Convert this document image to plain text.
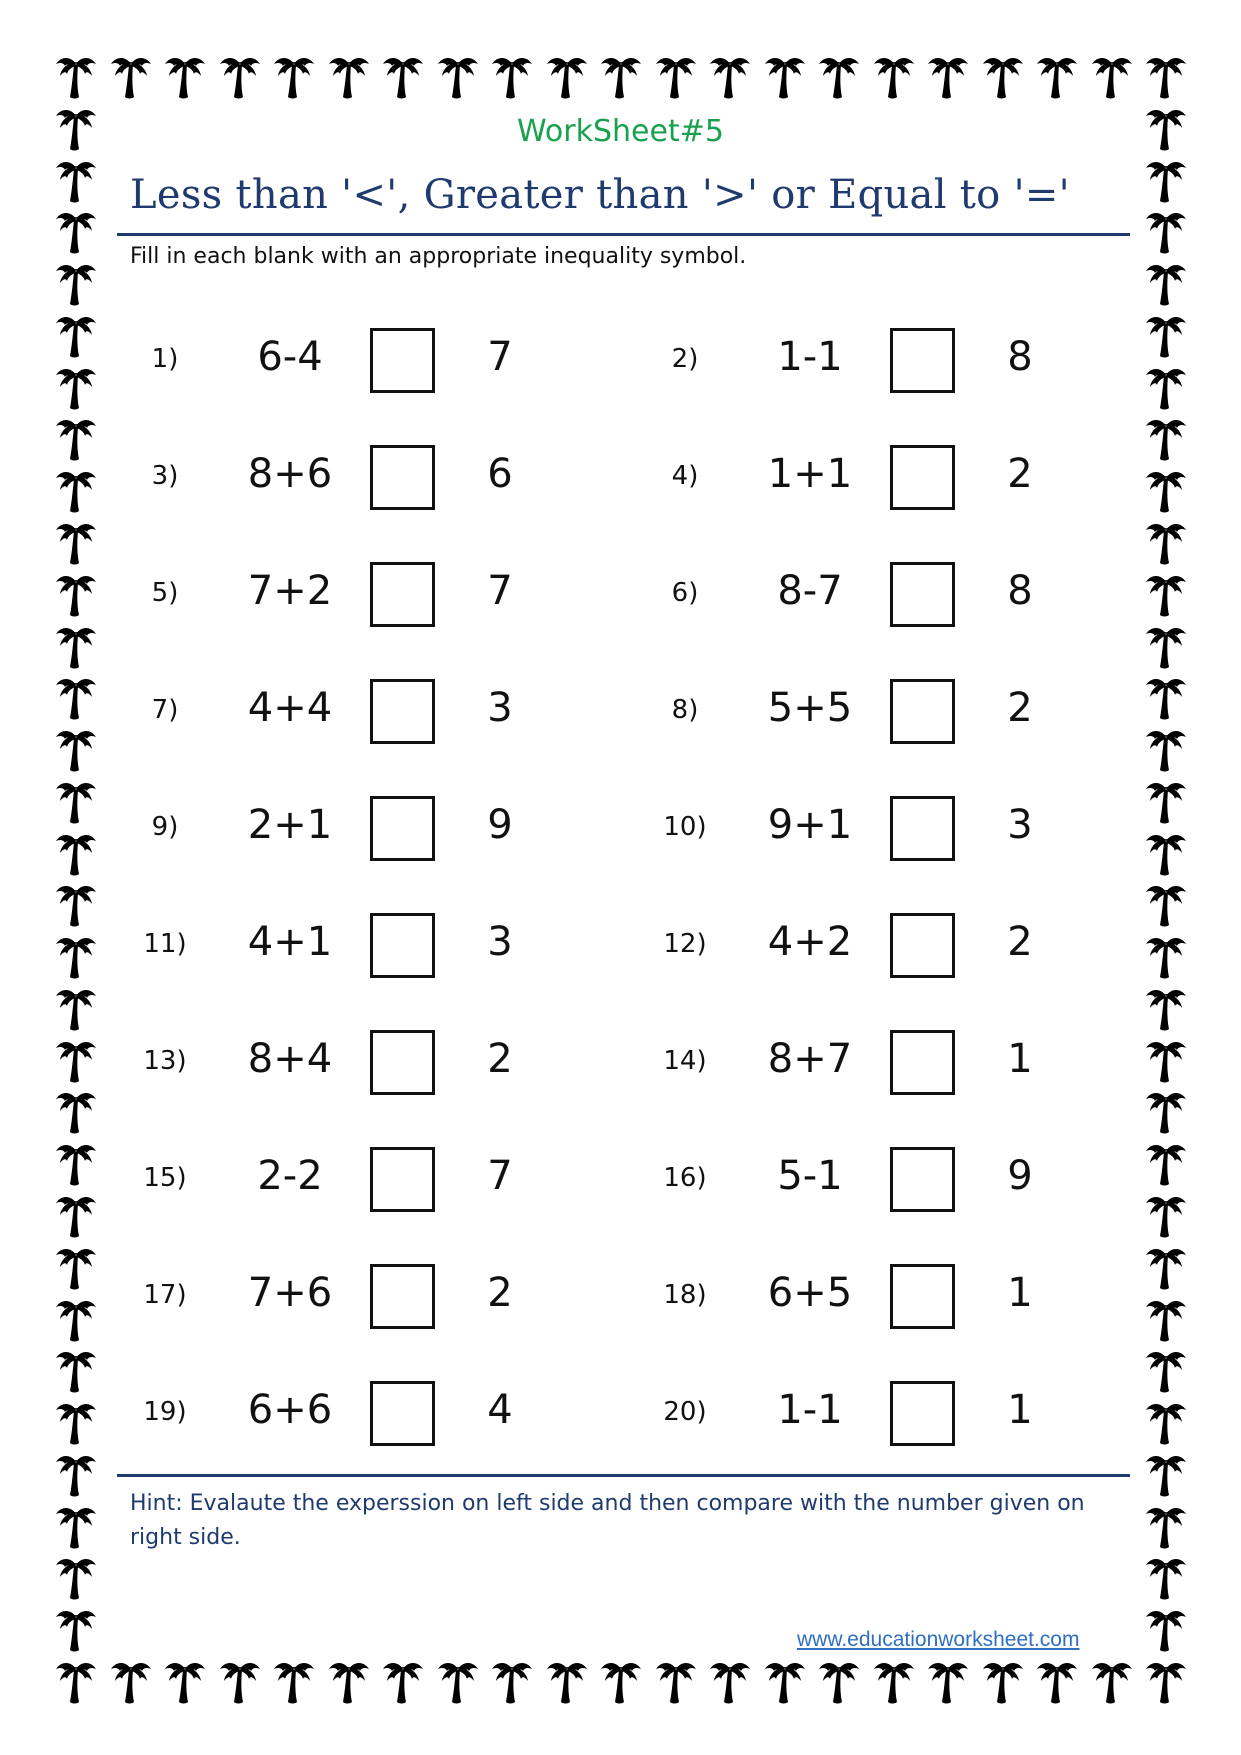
WorkSheet#5
Less than '<', Greater than '>' or Equal to '='
Fill in each blank with an appropriate inequality symbol.
1)	6-4	7	2)	1-1	8
3)	8+6	6	4)	1+1	2
5)	7+2	7	6)	8-7	8
7)	4+4	3	8)	5+5	2
9)	2+1	9	10)	9+1	3
11)	4+1	3	12)	4+2	2
13)	8+4	2	14)	8+7	1
15)	2-2	7	16)	5-1	9
17)	7+6	2	18)	6+5	1
19)	6+6	4	20)	1-1	1
Hint: Evalaute the experssion on left side and then compare with the number given on right side.
www.educationworksheet.com
